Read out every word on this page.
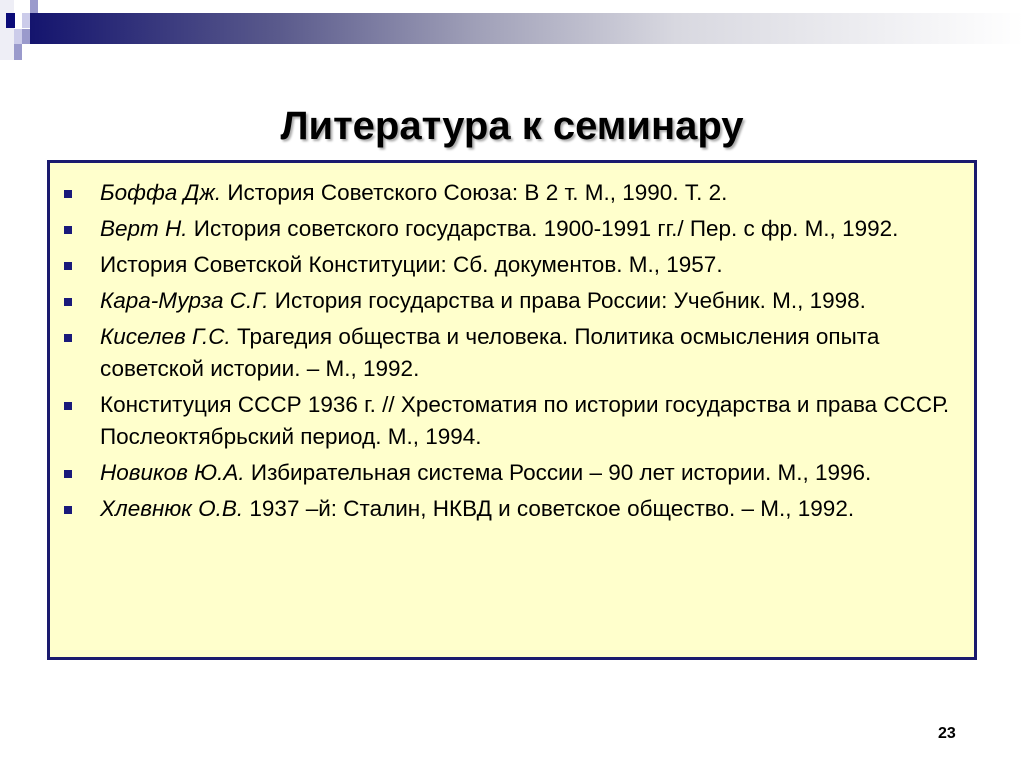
Литература к семинару
Боффа Дж. История Советского Союза: В 2 т. М., 1990. Т. 2.
Верт Н. История советского государства. 1900-1991 гг./ Пер. с фр. М., 1992.
История Советской Конституции: Сб. документов. М., 1957.
Кара-Мурза С.Г. История государства и права России: Учебник. М., 1998.
Киселев Г.С. Трагедия общества и человека. Политика осмысления опыта советской истории. – М., 1992.
Конституция СССР 1936 г. // Хрестоматия по истории государства и права СССР. Послеоктябрьский период. М., 1994.
Новиков Ю.А. Избирательная система России – 90 лет истории. М., 1996.
Хлевнюк О.В. 1937 –й: Сталин, НКВД и советское общество. – М., 1992.
23
